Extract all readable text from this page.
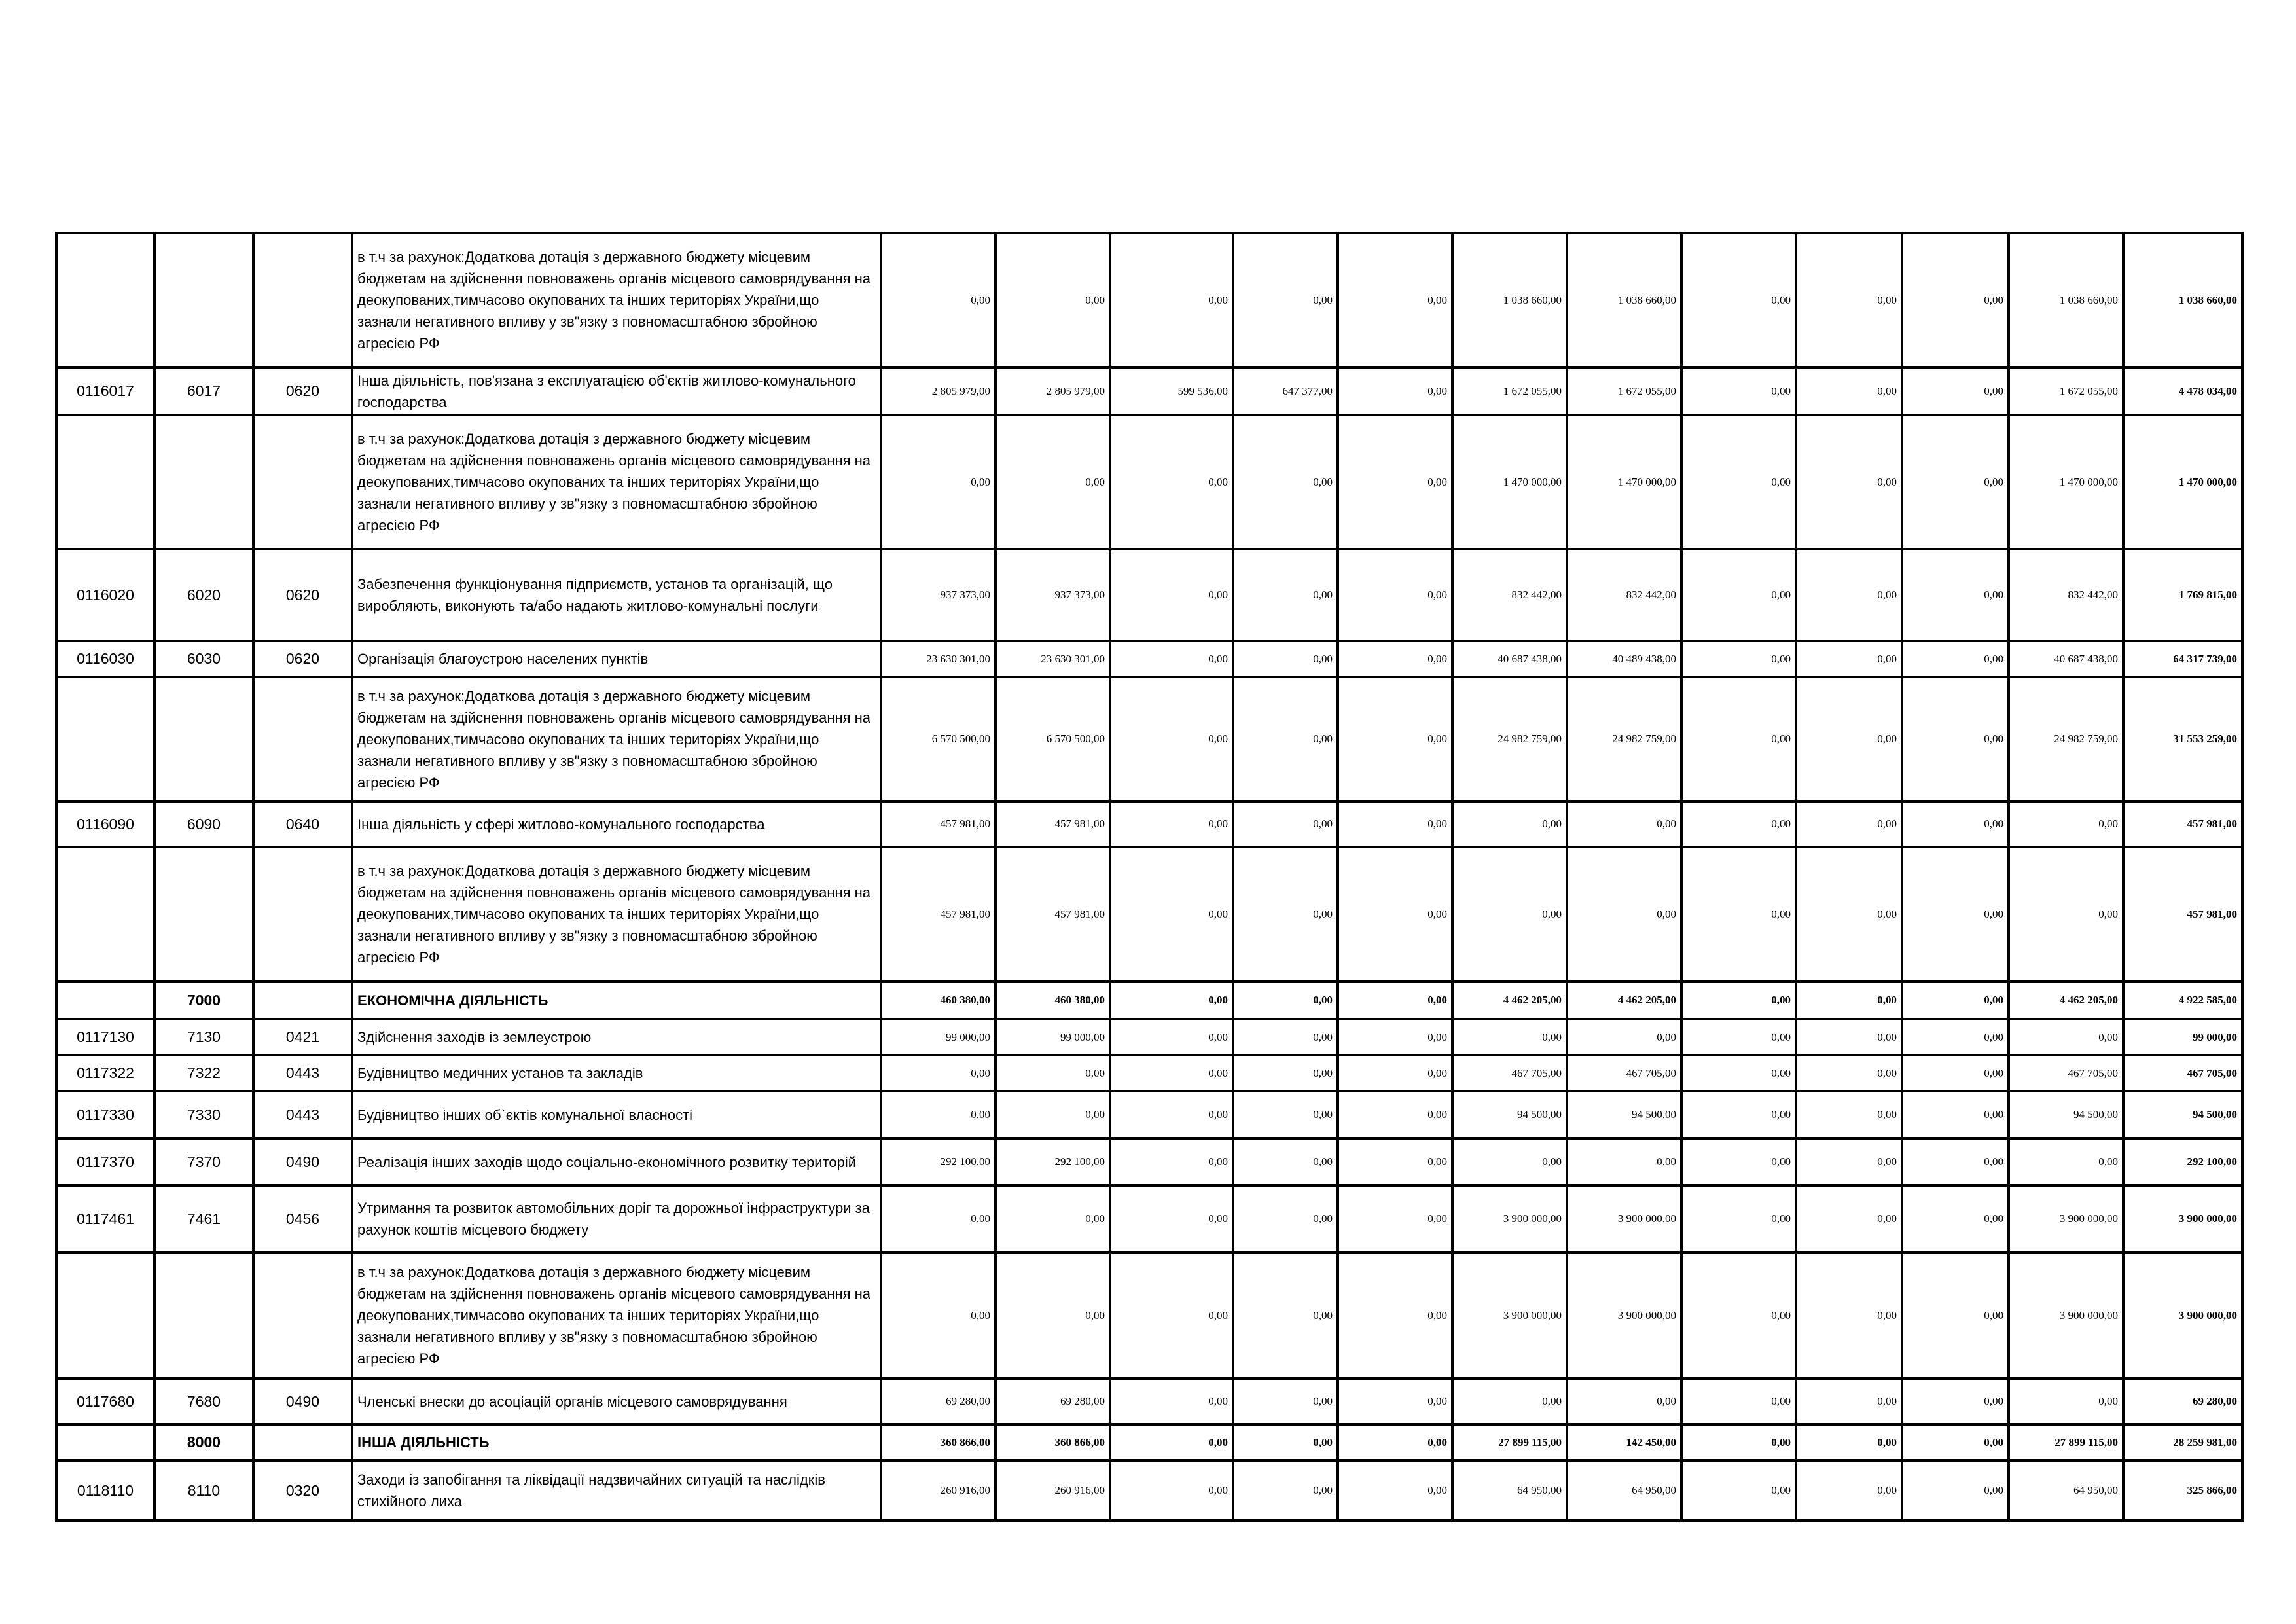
			в т.ч за рахунок:Додаткова дотація з державного бюджету місцевим бюджетам на здійснення повноважень органів місцевого самоврядування на деокупованих,тимчасово окупованих та інших територіях України,що зазнали негативного впливу у зв"язку з повномасштабною збройною агресією РФ	0,00	0,00	0,00	0,00	0,00	1 038 660,00	1 038 660,00	0,00	0,00	0,00	1 038 660,00	1 038 660,00
0116017	6017	0620	Інша діяльність, пов'язана з експлуатацією об'єктів житлово-комунального господарства	2 805 979,00	2 805 979,00	599 536,00	647 377,00	0,00	1 672 055,00	1 672 055,00	0,00	0,00	0,00	1 672 055,00	4 478 034,00
			в т.ч за рахунок:Додаткова дотація з державного бюджету місцевим бюджетам на здійснення повноважень органів місцевого самоврядування на деокупованих,тимчасово окупованих та інших територіях України,що зазнали негативного впливу у зв"язку з повномасштабною збройною агресією РФ	0,00	0,00	0,00	0,00	0,00	1 470 000,00	1 470 000,00	0,00	0,00	0,00	1 470 000,00	1 470 000,00
0116020	6020	0620	Забезпечення функціонування підприємств, установ та організацій, що виробляють, виконують та/або надають житлово-комунальні послуги	937 373,00	937 373,00	0,00	0,00	0,00	832 442,00	832 442,00	0,00	0,00	0,00	832 442,00	1 769 815,00
0116030	6030	0620	Організація благоустрою населених пунктів	23 630 301,00	23 630 301,00	0,00	0,00	0,00	40 687 438,00	40 489 438,00	0,00	0,00	0,00	40 687 438,00	64 317 739,00
			в т.ч за рахунок:Додаткова дотація з державного бюджету місцевим бюджетам на здійснення повноважень органів місцевого самоврядування на деокупованих,тимчасово окупованих та інших територіях України,що зазнали негативного впливу у зв"язку з повномасштабною збройною агресією РФ	6 570 500,00	6 570 500,00	0,00	0,00	0,00	24 982 759,00	24 982 759,00	0,00	0,00	0,00	24 982 759,00	31 553 259,00
0116090	6090	0640	Інша діяльність у сфері житлово-комунального господарства	457 981,00	457 981,00	0,00	0,00	0,00	0,00	0,00	0,00	0,00	0,00	0,00	457 981,00
			в т.ч за рахунок:Додаткова дотація з державного бюджету місцевим бюджетам на здійснення повноважень органів місцевого самоврядування на деокупованих,тимчасово окупованих та інших територіях України,що зазнали негативного впливу у зв"язку з повномасштабною збройною агресією РФ	457 981,00	457 981,00	0,00	0,00	0,00	0,00	0,00	0,00	0,00	0,00	0,00	457 981,00
	7000		ЕКОНОМІЧНА ДІЯЛЬНІСТЬ	460 380,00	460 380,00	0,00	0,00	0,00	4 462 205,00	4 462 205,00	0,00	0,00	0,00	4 462 205,00	4 922 585,00
0117130	7130	0421	Здійснення заходів із землеустрою	99 000,00	99 000,00	0,00	0,00	0,00	0,00	0,00	0,00	0,00	0,00	0,00	99 000,00
0117322	7322	0443	Будівництво медичних установ та закладів	0,00	0,00	0,00	0,00	0,00	467 705,00	467 705,00	0,00	0,00	0,00	467 705,00	467 705,00
0117330	7330	0443	Будівництво інших об`єктів комунальної власності	0,00	0,00	0,00	0,00	0,00	94 500,00	94 500,00	0,00	0,00	0,00	94 500,00	94 500,00
0117370	7370	0490	Реалізація інших заходів щодо соціально-економічного розвитку територій	292 100,00	292 100,00	0,00	0,00	0,00	0,00	0,00	0,00	0,00	0,00	0,00	292 100,00
0117461	7461	0456	Утримання та розвиток автомобільних доріг та дорожньої інфраструктури за рахунок коштів місцевого бюджету	0,00	0,00	0,00	0,00	0,00	3 900 000,00	3 900 000,00	0,00	0,00	0,00	3 900 000,00	3 900 000,00
			в т.ч за рахунок:Додаткова дотація з державного бюджету місцевим бюджетам на здійснення повноважень органів місцевого самоврядування на деокупованих,тимчасово окупованих та інших територіях України,що зазнали негативного впливу у зв"язку з повномасштабною збройною агресією РФ	0,00	0,00	0,00	0,00	0,00	3 900 000,00	3 900 000,00	0,00	0,00	0,00	3 900 000,00	3 900 000,00
0117680	7680	0490	Членські внески до асоціацій органів місцевого самоврядування	69 280,00	69 280,00	0,00	0,00	0,00	0,00	0,00	0,00	0,00	0,00	0,00	69 280,00
	8000		ІНША ДІЯЛЬНІСТЬ	360 866,00	360 866,00	0,00	0,00	0,00	27 899 115,00	142 450,00	0,00	0,00	0,00	27 899 115,00	28 259 981,00
0118110	8110	0320	Заходи із запобігання та ліквідації надзвичайних ситуацій та наслідків стихійного лиха	260 916,00	260 916,00	0,00	0,00	0,00	64 950,00	64 950,00	0,00	0,00	0,00	64 950,00	325 866,00
